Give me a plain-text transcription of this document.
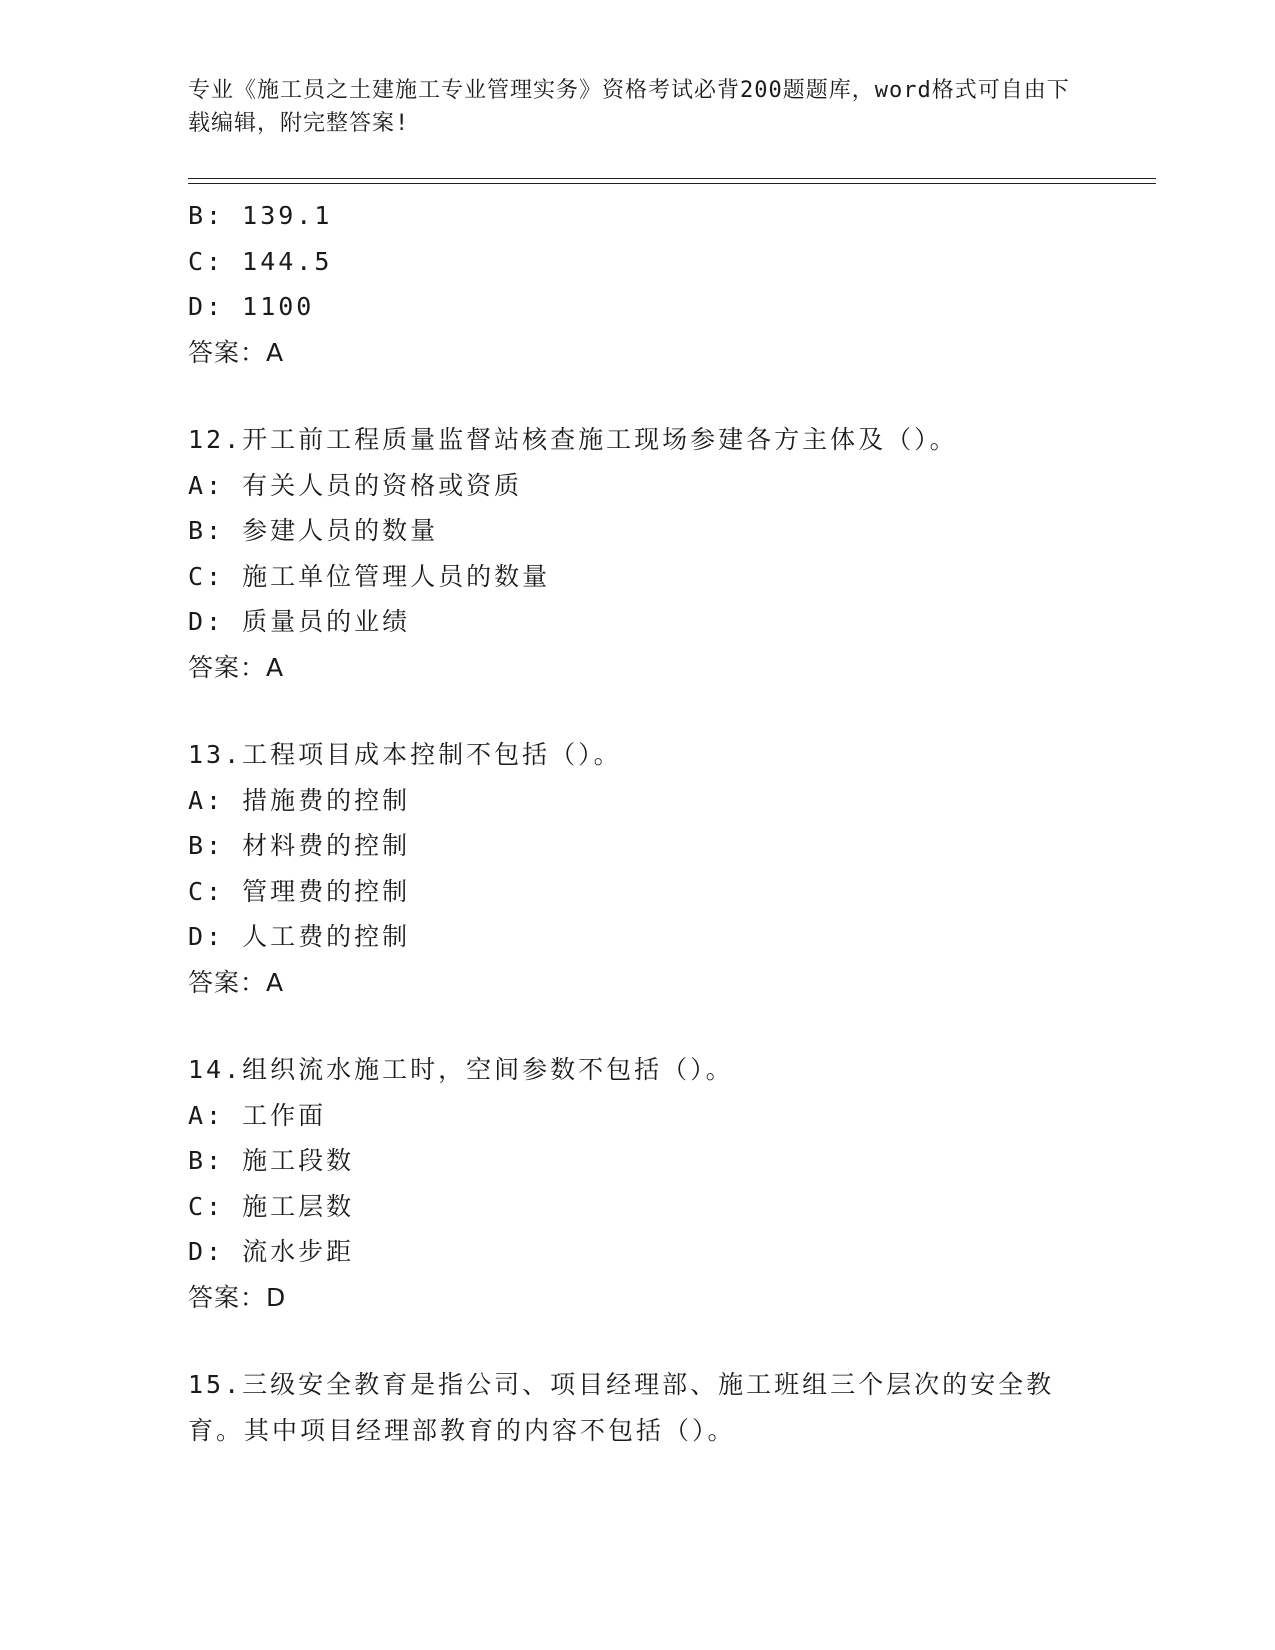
专业《施工员之土建施工专业管理实务》资格考试必背200题题库，word格式可自由下载编辑，附完整答案!
B: 139.1
C: 144.5
D: 1100
答案：A
12.开工前工程质量监督站核查施工现场参建各方主体及（）。
A: 有关人员的资格或资质
B: 参建人员的数量
C: 施工单位管理人员的数量
D: 质量员的业绩
答案：A
13.工程项目成本控制不包括（）。
A: 措施费的控制
B: 材料费的控制
C: 管理费的控制
D: 人工费的控制
答案：A
14.组织流水施工时，空间参数不包括（）。
A: 工作面
B: 施工段数
C: 施工层数
D: 流水步距
答案：D
15.三级安全教育是指公司、项目经理部、施工班组三个层次的安全教育。其中项目经理部教育的内容不包括（）。
